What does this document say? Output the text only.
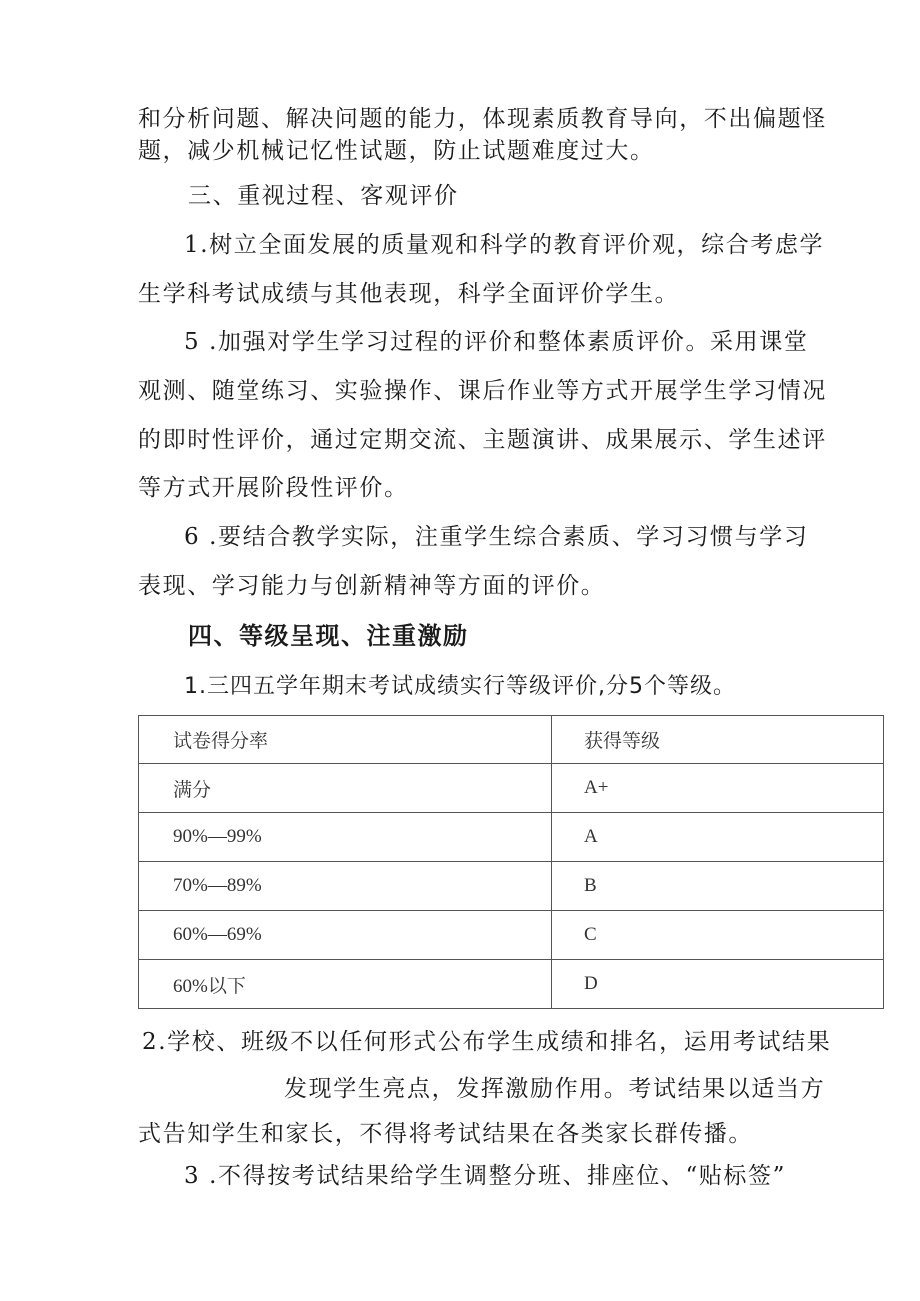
和分析问题、解决问题的能力，体现素质教育导向，不出偏题怪
题，减少机械记忆性试题，防止试题难度过大。
三、重视过程、客观评价
1.树立全面发展的质量观和科学的教育评价观，综合考虑学
生学科考试成绩与其他表现，科学全面评价学生。
5 .加强对学生学习过程的评价和整体素质评价。采用课堂
观测、随堂练习、实验操作、课后作业等方式开展学生学习情况
的即时性评价，通过定期交流、主题演讲、成果展示、学生述评
等方式开展阶段性评价。
6 .要结合教学实际，注重学生综合素质、学习习惯与学习
表现、学习能力与创新精神等方面的评价。
四、等级呈现、注重激励
1.三四五学年期末考试成绩实行等级评价,分5个等级。
试卷得分率	获得等级
满分	A+
90%—99%	A
70%—89%	B
60%—69%	C
60%以下	D
2.学校、班级不以任何形式公布学生成绩和排名，运用考试结果
发现学生亮点，发挥激励作用。考试结果以适当方
式告知学生和家长，不得将考试结果在各类家长群传播。
3 .不得按考试结果给学生调整分班、排座位、“贴标签”
